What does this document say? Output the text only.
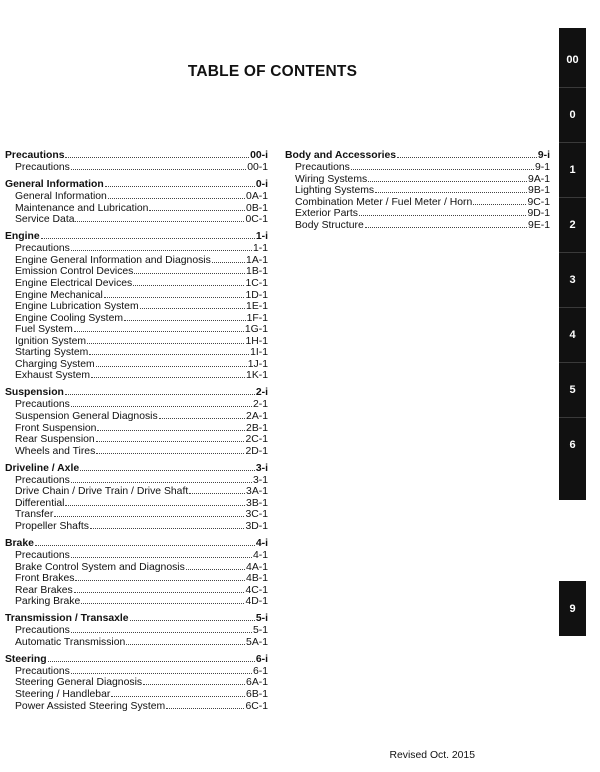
TABLE OF CONTENTS
Precautions	00-i
Precautions	00-1
General Information	0-i
General Information	0A-1
Maintenance and Lubrication	0B-1
Service Data	0C-1
Engine	1-i
Precautions	1-1
Engine General Information and Diagnosis	1A-1
Emission Control Devices	1B-1
Engine Electrical Devices	1C-1
Engine Mechanical	1D-1
Engine Lubrication System	1E-1
Engine Cooling System	1F-1
Fuel System	1G-1
Ignition System	1H-1
Starting System	1I-1
Charging System	1J-1
Exhaust System	1K-1
Suspension	2-i
Precautions	2-1
Suspension General Diagnosis	2A-1
Front Suspension	2B-1
Rear Suspension	2C-1
Wheels and Tires	2D-1
Driveline / Axle	3-i
Precautions	3-1
Drive Chain / Drive Train / Drive Shaft	3A-1
Differential	3B-1
Transfer	3C-1
Propeller Shafts	3D-1
Brake	4-i
Precautions	4-1
Brake Control System and Diagnosis	4A-1
Front Brakes	4B-1
Rear Brakes	4C-1
Parking Brake	4D-1
Transmission / Transaxle	5-i
Precautions	5-1
Automatic Transmission	5A-1
Steering	6-i
Precautions	6-1
Steering General Diagnosis	6A-1
Steering / Handlebar	6B-1
Power Assisted Steering System	6C-1
Body and Accessories	9-i
Precautions	9-1
Wiring Systems	9A-1
Lighting Systems	9B-1
Combination Meter / Fuel Meter / Horn	9C-1
Exterior Parts	9D-1
Body Structure	9E-1
00
0
1
2
3
4
5
6
9
Revised Oct. 2015
